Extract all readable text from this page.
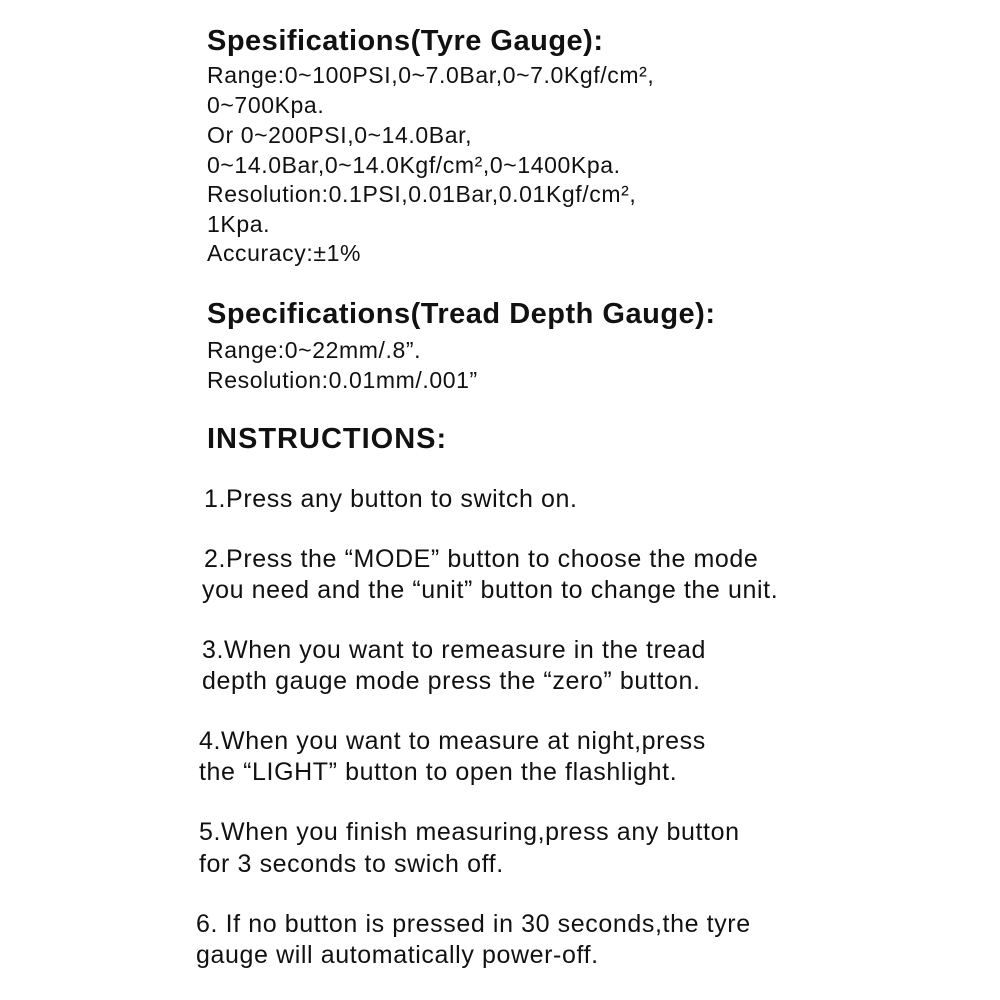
Spesifications(Tyre Gauge):
Range:0~100PSI,0~7.0Bar,0~7.0Kgf/cm²,
0~700Kpa.
Or 0~200PSI,0~14.0Bar,
0~14.0Bar,0~14.0Kgf/cm²,0~1400Kpa.
Resolution:0.1PSI,0.01Bar,0.01Kgf/cm²,
1Kpa.
Accuracy:±1%
Specifications(Tread Depth Gauge):
Range:0~22mm/.8”.
Resolution:0.01mm/.001”
INSTRUCTIONS:
1.Press any button to switch on.
2.Press the “MODE” button to choose the mode
you need and the “unit” button to change the unit.
3.When you want to remeasure in the tread
depth gauge mode press the “zero” button.
4.When you want to measure at night,press
the “LIGHT” button to open the flashlight.
5.When you finish measuring,press any button
for 3 seconds to swich off.
6. If no button is pressed in 30 seconds,the tyre
gauge will automatically power-off.
